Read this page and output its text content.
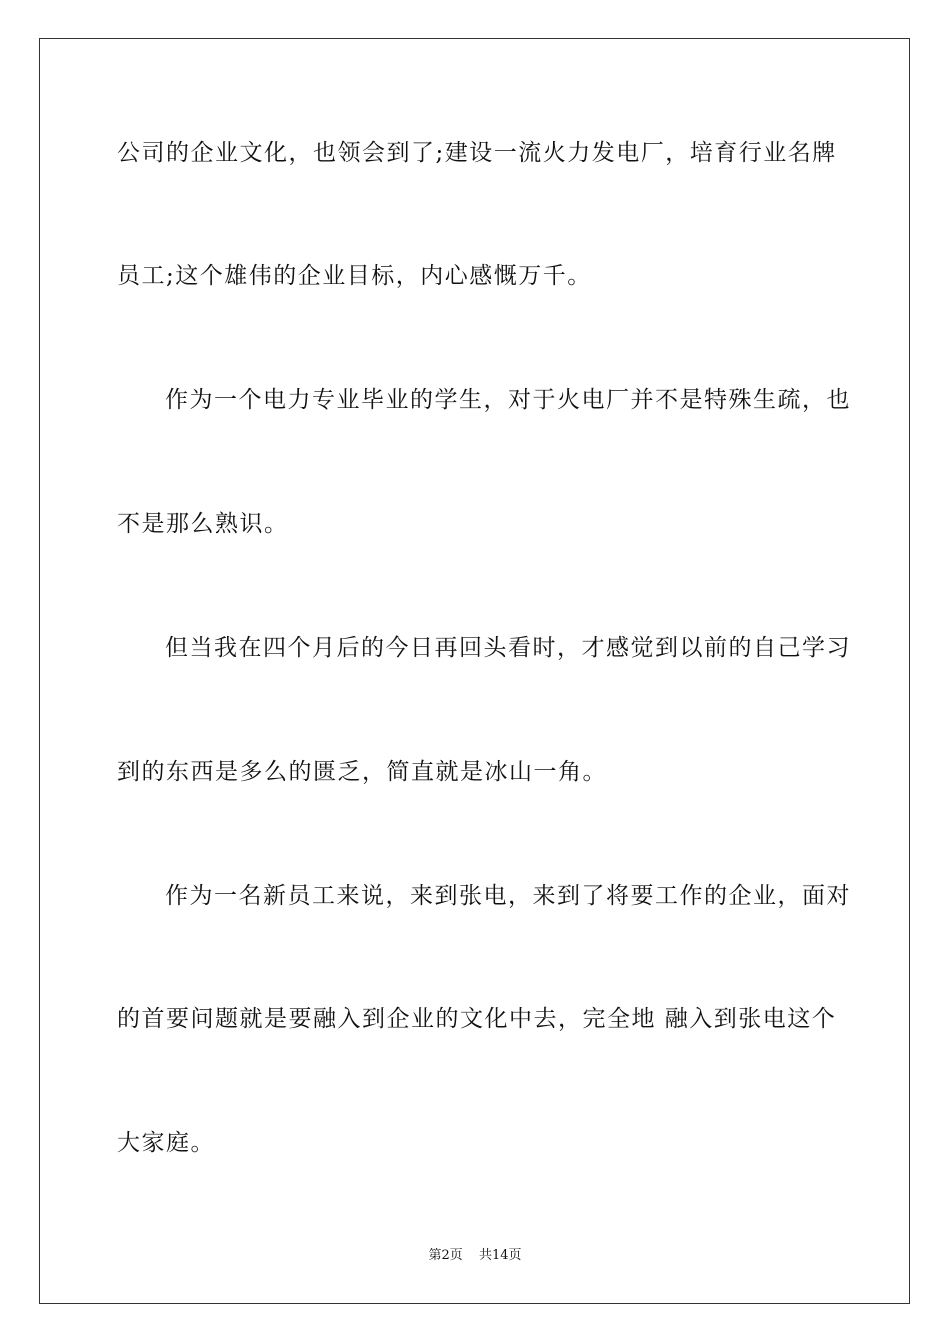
公司的企业文化，也领会到了;建设一流火力发电厂，培育行业名牌
员工;这个雄伟的企业目标，内心感慨万千。
作为一个电力专业毕业的学生，对于火电厂并不是特殊生疏，也
不是那么熟识。
但当我在四个月后的今日再回头看时，才感觉到以前的自己学习
到的东西是多么的匮乏，简直就是冰山一角。
作为一名新员工来说，来到张电，来到了将要工作的企业，面对
的首要问题就是要融入到企业的文化中去，完全地 融入到张电这个
大家庭。
第2页 共14页
